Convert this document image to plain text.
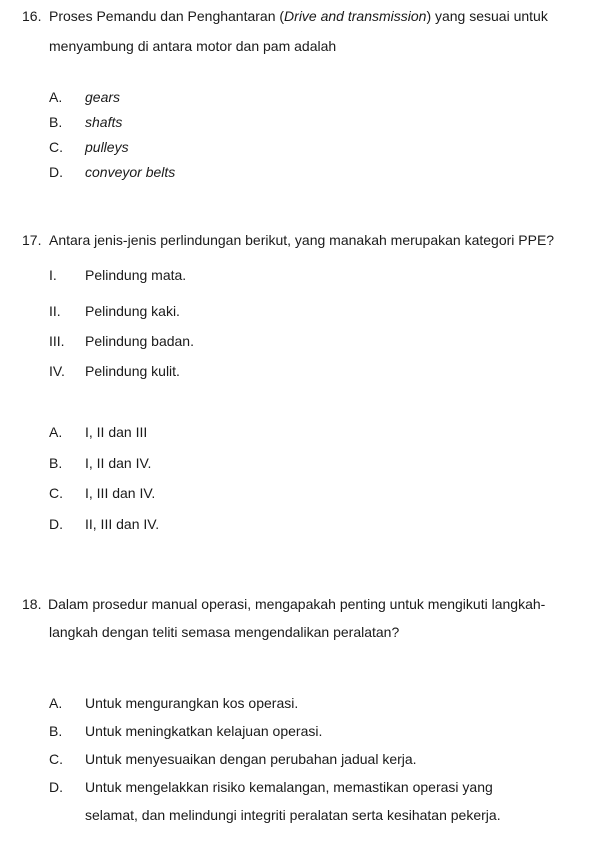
16. Proses Pemandu dan Penghantaran (Drive and transmission) yang sesuai untuk
menyambung di antara motor dan pam adalah
A. gears
B. shafts
C. pulleys
D. conveyor belts
17. Antara jenis-jenis perlindungan berikut, yang manakah merupakan kategori PPE?
I. Pelindung mata.
II. Pelindung kaki.
III. Pelindung badan.
IV. Pelindung kulit.
A. I, II dan III
B. I, II dan IV.
C. I, III dan IV.
D. II, III dan IV.
18. Dalam prosedur manual operasi, mengapakah penting untuk mengikuti langkah-
langkah dengan teliti semasa mengendalikan peralatan?
A. Untuk mengurangkan kos operasi.
B. Untuk meningkatkan kelajuan operasi.
C. Untuk menyesuaikan dengan perubahan jadual kerja.
D. Untuk mengelakkan risiko kemalangan, memastikan operasi yang
selamat, dan melindungi integriti peralatan serta kesihatan pekerja.
